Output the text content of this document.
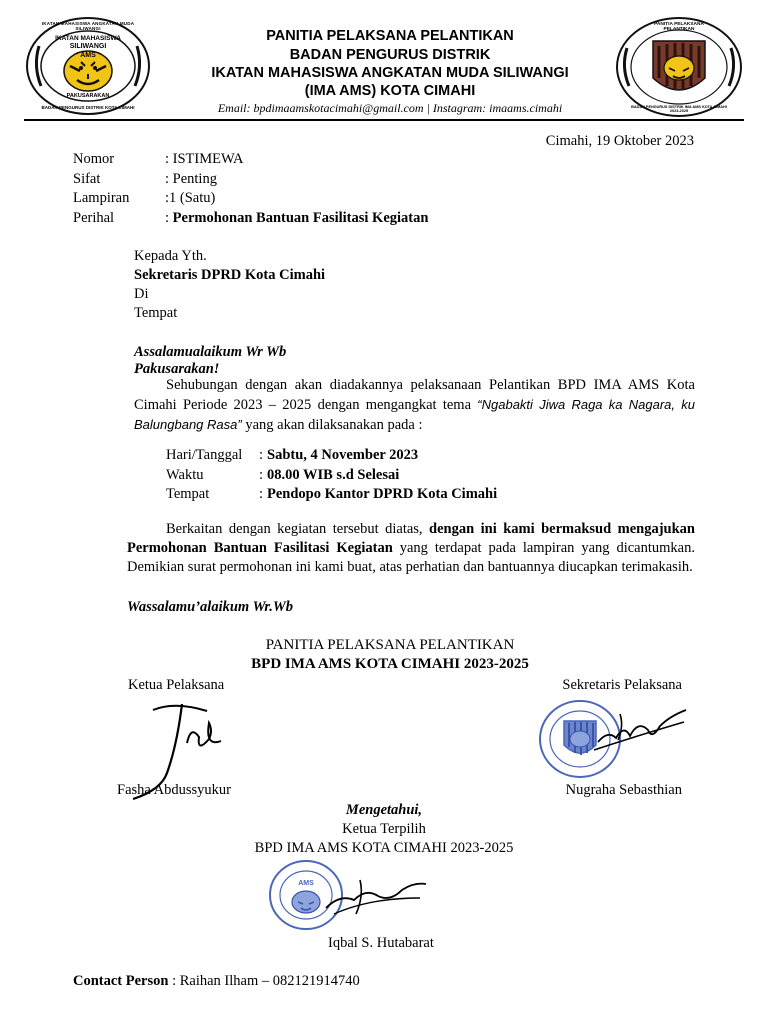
IKATAN MAHASISWA
SILIWANGI
AMS
PAKUSARAKAN
IKATAN MAHASISWA ANGKATAN MUDA SILIWANGI
BADAN PENGURUS DISTRIK KOTA CIMAHI
PANITIA PELAKSANA PELANTIKAN
BADAN PENGURUS DISTRIK IMA AMS KOTA CIMAHI 2023-2025
PANITIA PELAKSANA PELANTIKAN
BADAN PENGURUS DISTRIK
IKATAN MAHASISWA ANGKATAN MUDA SILIWANGI
(IMA AMS) KOTA CIMAHI
Email: bpdimaamskotacimahi@gmail.com | Instagram: imaams.cimahi
Cimahi, 19 Oktober 2023
Nomor	: ISTIMEWA
Sifat	: Penting
Lampiran :1 (Satu)
Perihal	: Permohonan Bantuan Fasilitasi Kegiatan
Kepada Yth.
Sekretaris DPRD Kota Cimahi
Di
Tempat
Assalamualaikum Wr Wb
Pakusarakan!
Sehubungan dengan akan diadakannya pelaksanaan Pelantikan BPD IMA AMS Kota Cimahi Periode 2023 – 2025 dengan mengangkat tema “Ngabakti Jiwa Raga ka Nagara, ku Balungbang Rasa” yang akan dilaksanakan pada :
Hari/Tanggal : Sabtu, 4 November 2023
Waktu	: 08.00 WIB s.d Selesai
Tempat	: Pendopo Kantor DPRD Kota Cimahi
Berkaitan dengan kegiatan tersebut diatas, dengan ini kami bermaksud mengajukan Permohonan Bantuan Fasilitasi Kegiatan yang terdapat pada lampiran yang dicantumkan. Demikian surat permohonan ini kami buat, atas perhatian dan bantuannya diucapkan terimakasih.
Wassalamu’alaikum Wr.Wb
PANITIA PELAKSANA PELANTIKAN
BPD IMA AMS KOTA CIMAHI 2023-2025
Ketua Pelaksana	Sekretaris Pelaksana
Fasha Abdussyukur	Nugraha Sebasthian
Mengetahui,
Ketua Terpilih
BPD IMA AMS KOTA CIMAHI 2023-2025
AMS
Iqbal S. Hutabarat
Contact Person : Raihan Ilham – 082121914740
